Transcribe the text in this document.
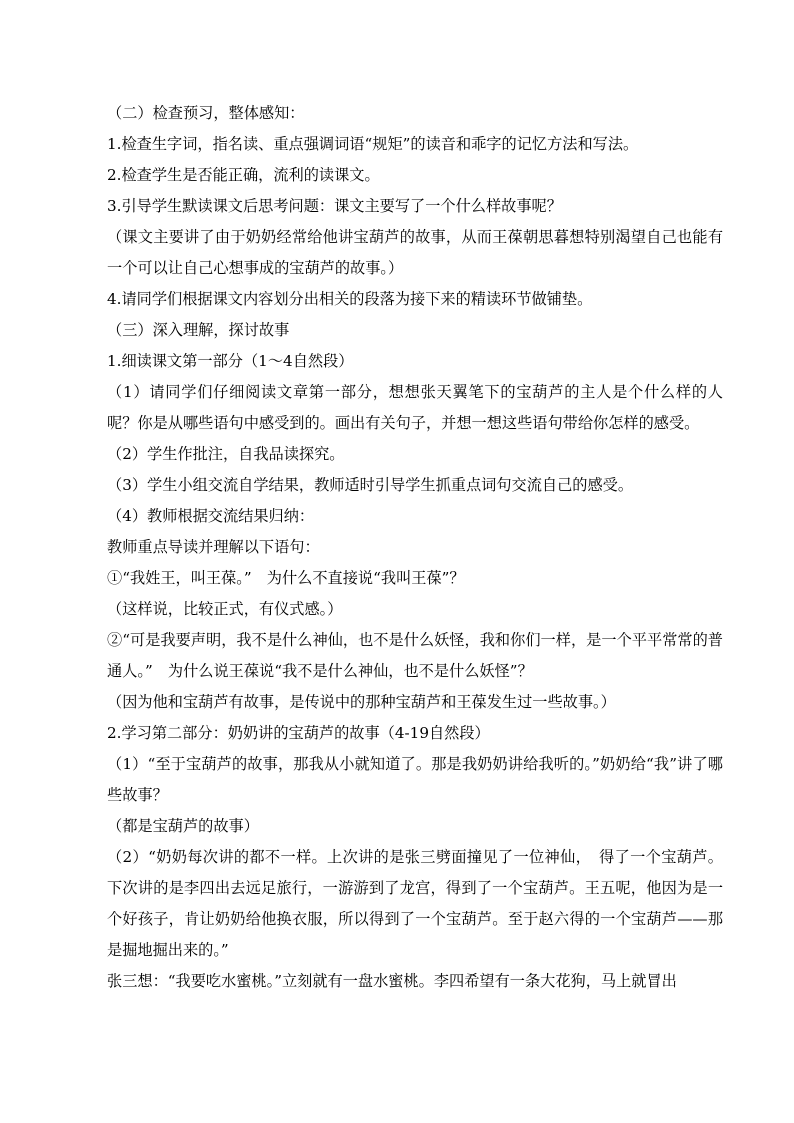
（二）检查预习，整体感知：
1.检查生字词，指名读、重点强调词语“规矩”的读音和乖字的记忆方法和写法。
2.检查学生是否能正确，流利的读课文。
3.引导学生默读课文后思考问题：课文主要写了一个什么样故事呢？
（课文主要讲了由于奶奶经常给他讲宝葫芦的故事，从而王葆朝思暮想特别渴望自己也能有一个可以让自己心想事成的宝葫芦的故事。）
4.请同学们根据课文内容划分出相关的段落为接下来的精读环节做铺垫。
（三）深入理解，探讨故事
1.细读课文第一部分（1～4自然段）
（1）请同学们仔细阅读文章第一部分，想想张天翼笔下的宝葫芦的主人是个什么样的人呢？你是从哪些语句中感受到的。画出有关句子，并想一想这些语句带给你怎样的感受。
（2）学生作批注，自我品读探究。
（3）学生小组交流自学结果，教师适时引导学生抓重点词句交流自己的感受。
（4）教师根据交流结果归纳：
教师重点导读并理解以下语句：
①“我姓王，叫王葆。”　为什么不直接说“我叫王葆”？
（这样说，比较正式，有仪式感。）
②“可是我要声明，我不是什么神仙，也不是什么妖怪，我和你们一样，是一个平平常常的普通人。”　为什么说王葆说“我不是什么神仙，也不是什么妖怪”？
（因为他和宝葫芦有故事，是传说中的那种宝葫芦和王葆发生过一些故事。）
2.学习第二部分：奶奶讲的宝葫芦的故事（4-19自然段）
（1）“至于宝葫芦的故事，那我从小就知道了。那是我奶奶讲给我听的。”奶奶给“我”讲了哪些故事？
（都是宝葫芦的故事）
（2）“奶奶每次讲的都不一样。上次讲的是张三劈面撞见了一位神仙，　得了一个宝葫芦。下次讲的是李四出去远足旅行，一游游到了龙宫，得到了一个宝葫芦。王五呢，他因为是一个好孩子，肯让奶奶给他换衣服，所以得到了一个宝葫芦。至于赵六得的一个宝葫芦——那是掘地掘出来的。”
张三想：“我要吃水蜜桃。”立刻就有一盘水蜜桃。李四希望有一条大花狗，马上就冒出
